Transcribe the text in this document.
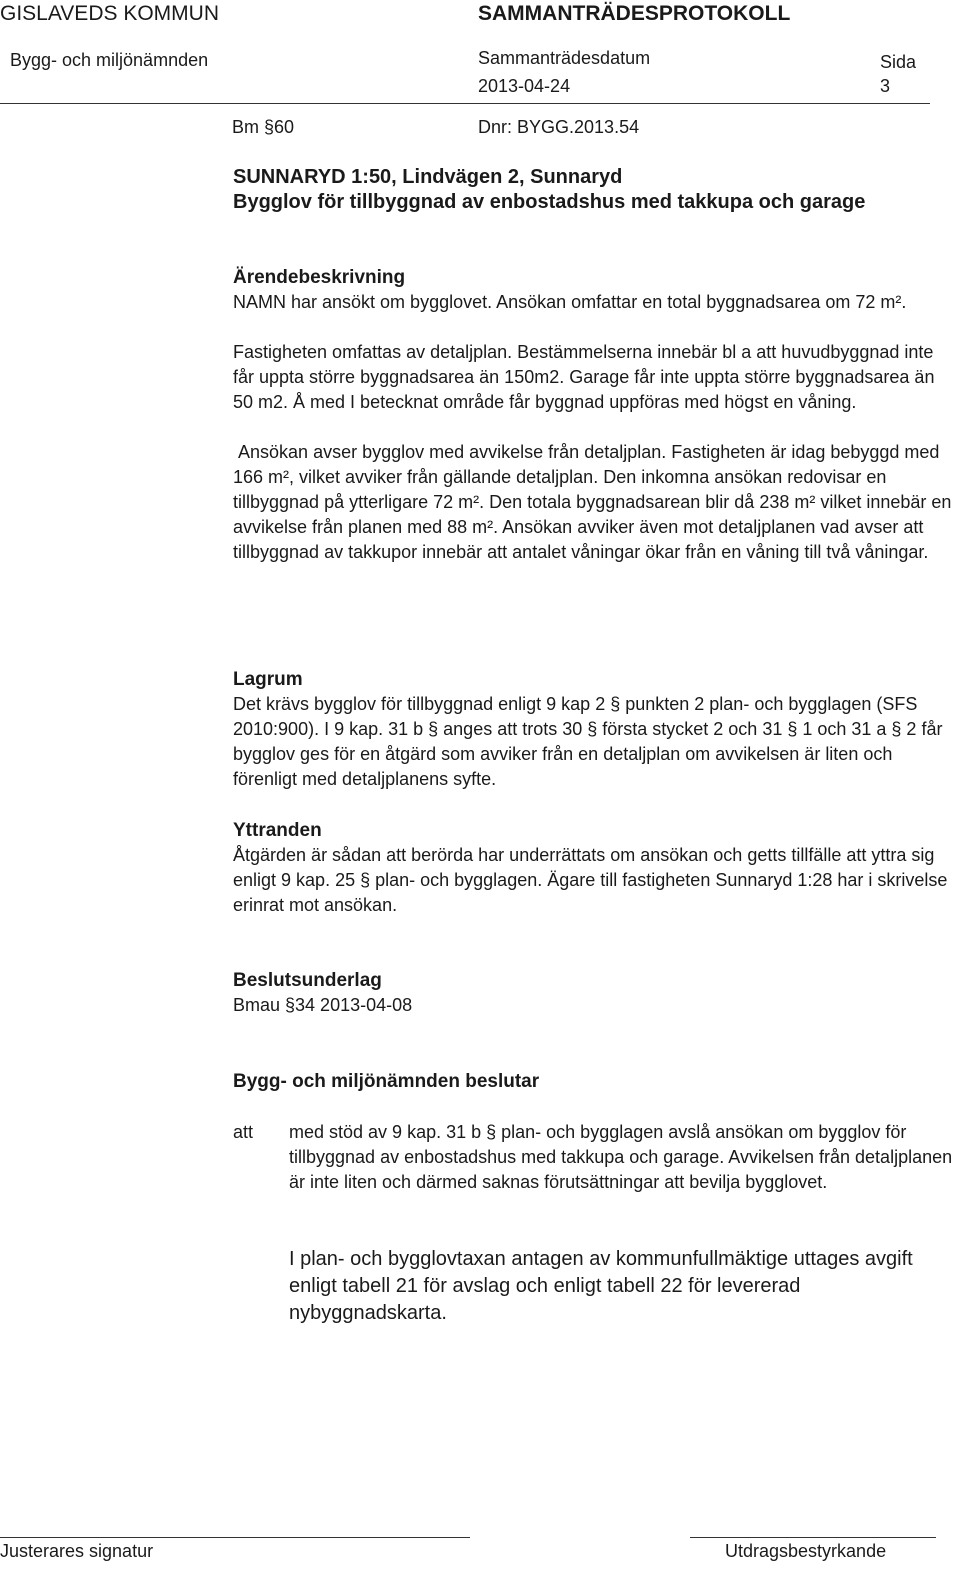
GISLAVEDS KOMMUN	SAMMANTRÄDESPROTOKOLL
Bygg- och miljönämnden	Sammanträdesdatum
2013-04-24
Sida
3
Bm §60	Dnr: BYGG.2013.54

SUNNARYD 1:50, Lindvägen 2, Sunnaryd

Bygglov för tillbyggnad av enbostadshus med takkupa och garage

Ärendebeskrivning

NAMN har ansökt om bygglovet. Ansökan omfattar en total byggnadsarea om 72 m².

Fastigheten omfattas av detaljplan. Bestämmelserna innebär bl a att huvudbyggnad inte får uppta större byggnadsarea än 150m2. Garage får inte uppta större byggnadsarea än 50 m2. Å med I betecknat område får byggnad uppföras med högst en våning.

Ansökan avser bygglov med avvikelse från detaljplan. Fastigheten är idag bebyggd med 166 m², vilket avviker från gällande detaljplan. Den inkomna ansökan redovisar en tillbyggnad på ytterligare 72 m². Den totala byggnadsarean blir då 238 m² vilket innebär en avvikelse från planen med 88 m². Ansökan avviker även mot detaljplanen vad avser att tillbyggnad av takkupor innebär att antalet våningar ökar från en våning till två våningar.

Lagrum

Det krävs bygglov för tillbyggnad enligt 9 kap 2 § punkten 2 plan- och bygglagen (SFS 2010:900). I 9 kap. 31 b § anges att trots 30 § första stycket 2 och 31 § 1 och 31 a § 2 får bygglov ges för en åtgärd som avviker från en detaljplan om avvikelsen är liten och förenligt med detaljplanens syfte.

Yttranden

Åtgärden är sådan att berörda har underrättats om ansökan och getts tillfälle att yttra sig enligt 9 kap. 25 § plan- och bygglagen. Ägare till fastigheten Sunnaryd 1:28 har i skrivelse erinrat mot ansökan.

Beslutsunderlag

Bmau §34 2013-04-08

Bygg- och miljönämnden beslutar

att med stöd av 9 kap. 31 b § plan- och bygglagen avslå ansökan om bygglov för tillbyggnad av enbostadshus med takkupa och garage. Avvikelsen från detaljplanen är inte liten och därmed saknas förutsättningar att bevilja bygglovet.
I plan- och bygglovtaxan antagen av kommunfullmäktige uttages avgift enligt tabell 21 för avslag och enligt tabell 22 för levererad nybyggnadskarta.
Justerares signatur	Utdragsbestyrkande
